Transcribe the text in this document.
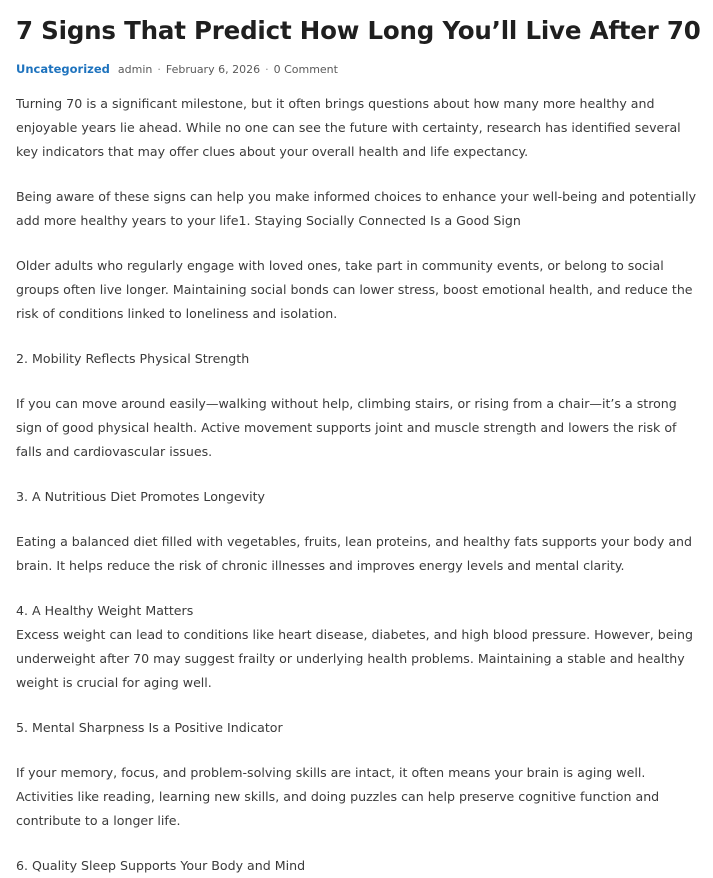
7 Signs That Predict How Long You’ll Live After 70
Uncategorized admin · February 6, 2026 · 0 Comment

Turning 70 is a significant milestone, but it often brings questions about how many more healthy and enjoyable years lie ahead. While no one can see the future with certainty, research has identified several key indicators that may offer clues about your overall health and life expectancy.

Being aware of these signs can help you make informed choices to enhance your well-being and potentially add more healthy years to your life1. Staying Socially Connected Is a Good Sign

Older adults who regularly engage with loved ones, take part in community events, or belong to social groups often live longer. Maintaining social bonds can lower stress, boost emotional health, and reduce the risk of conditions linked to loneliness and isolation.

2. Mobility Reflects Physical Strength

If you can move around easily—walking without help, climbing stairs, or rising from a chair—it’s a strong sign of good physical health. Active movement supports joint and muscle strength and lowers the risk of falls and cardiovascular issues.

3. A Nutritious Diet Promotes Longevity

Eating a balanced diet filled with vegetables, fruits, lean proteins, and healthy fats supports your body and brain. It helps reduce the risk of chronic illnesses and improves energy levels and mental clarity.

4. A Healthy Weight Matters

Excess weight can lead to conditions like heart disease, diabetes, and high blood pressure. However, being underweight after 70 may suggest frailty or underlying health problems. Maintaining a stable and healthy weight is crucial for aging well.

5. Mental Sharpness Is a Positive Indicator

If your memory, focus, and problem-solving skills are intact, it often means your brain is aging well. Activities like reading, learning new skills, and doing puzzles can help preserve cognitive function and contribute to a longer life.

6. Quality Sleep Supports Your Body and Mind
